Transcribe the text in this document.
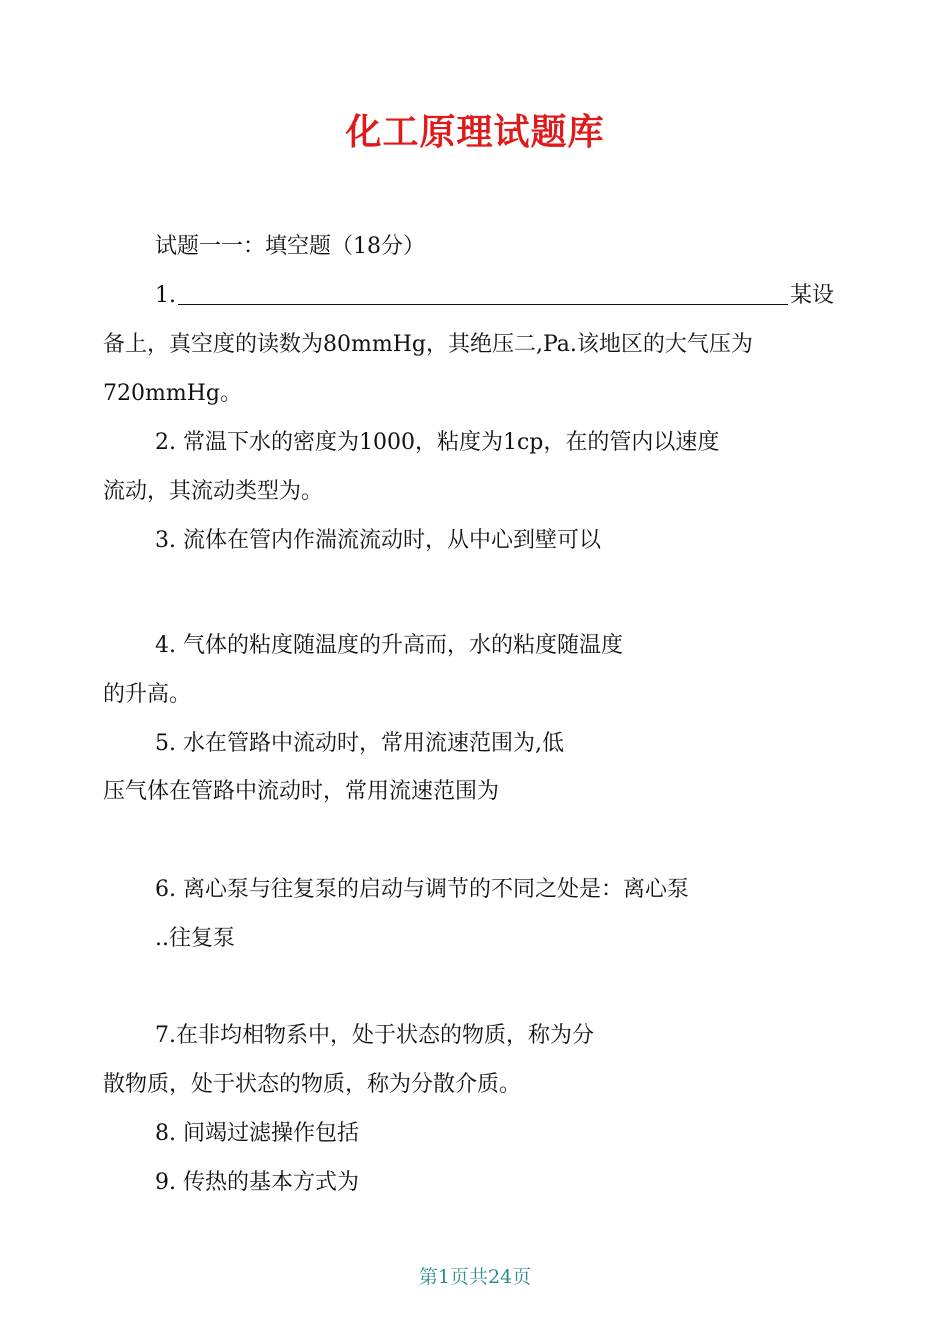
化工原理试题库

试题一一：填空题（18分）

1.	某设

备上，真空度的读数为80mmHg，其绝压二,Pa.该地区的大气压为

720mmHg。

2. 常温下水的密度为1000，粘度为1cp，在的管内以速度

流动，其流动类型为。

3. 流体在管内作湍流流动时，从中心到壁可以

4. 气体的粘度随温度的升高而，水的粘度随温度

的升高。

5. 水在管路中流动时，常用流速范围为,低

压气体在管路中流动时，常用流速范围为

6. 离心泵与往复泵的启动与调节的不同之处是：离心泵

..往复泵

7.在非均相物系中，处于状态的物质，称为分

散物质，处于状态的物质，称为分散介质。

8. 间竭过滤操作包括

9. 传热的基本方式为

第1页共24页
